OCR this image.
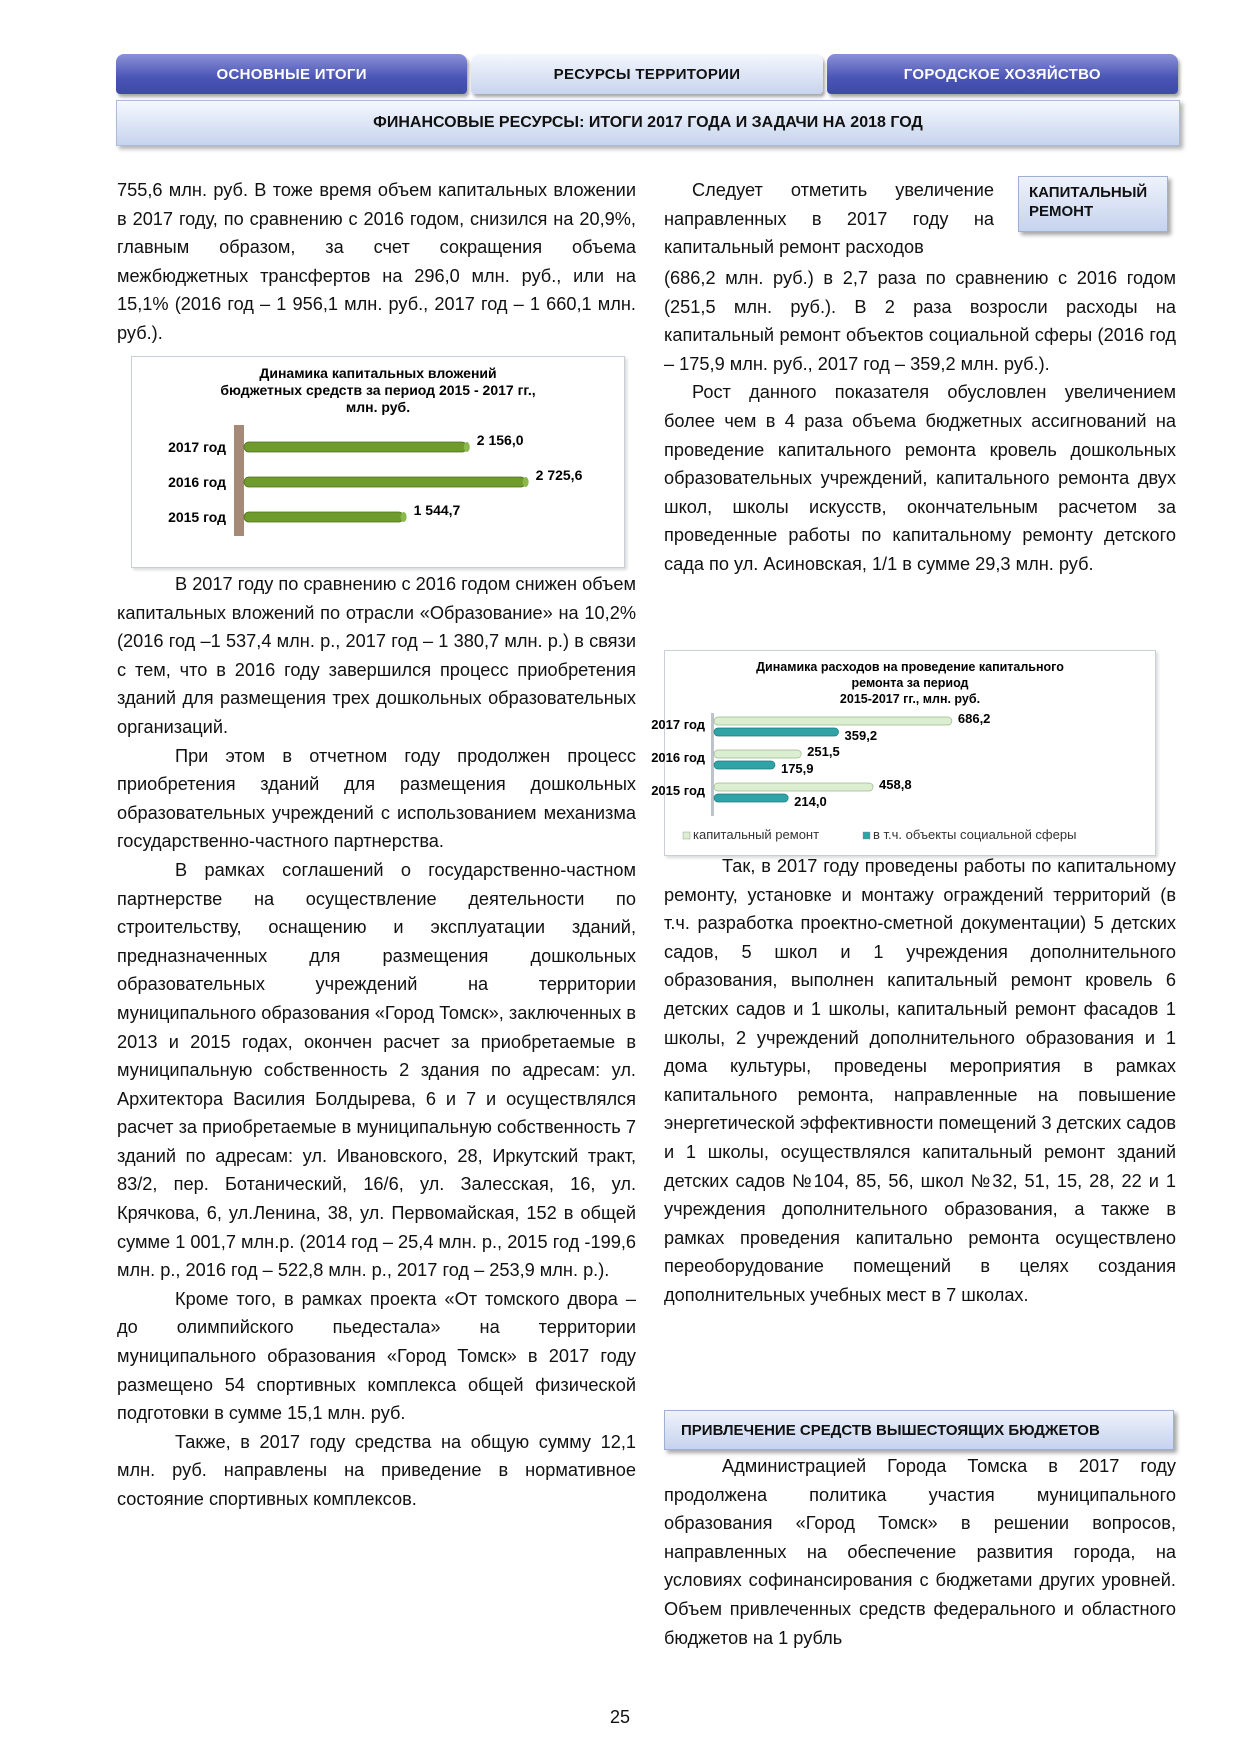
ОСНОВНЫЕ ИТОГИ	РЕСУРСЫ ТЕРРИТОРИИ	ГОРОДСКОЕ ХОЗЯЙСТВО
ФИНАНСОВЫЕ РЕСУРСЫ: ИТОГИ 2017 ГОДА И ЗАДАЧИ НА 2018 ГОД

755,6 млн. руб. В тоже время объем капитальных вложении в 2017 году, по сравнению с 2016 годом, снизился на 20,9%, главным образом, за счет сокращения объема межбюджетных трансфертов на 296,0 млн. руб., или на 15,1% (2016 год – 1 956,1 млн. руб., 2017 год – 1 660,1 млн. руб.).

Динамика капитальных вложений
бюджетных средств за период 2015 - 2017 гг.,
млн. руб.
2017 год	2 156,0
2016 год	2 725,6
2015 год	1 544,7

В 2017 году по сравнению с 2016 годом снижен объем капитальных вложений по отрасли «Образование» на 10,2% (2016 год –1 537,4 млн. р., 2017 год – 1 380,7 млн. р.) в связи с тем, что в 2016 году завершился процесс приобретения зданий для размещения трех дошкольных образовательных организаций.

При этом в отчетном году продолжен процесс приобретения зданий для размещения дошкольных образовательных учреждений с использованием механизма государственно-частного партнерства.

В рамках соглашений о государственно-частном партнерстве на осуществление деятельности по строительству, оснащению и эксплуатации зданий, предназначенных для размещения дошкольных образовательных учреждений на территории муниципального образования «Город Томск», заключенных в 2013 и 2015 годах, окончен расчет за приобретаемые в муниципальную собственность 2 здания по адресам: ул. Архитектора Василия Болдырева, 6 и 7 и осуществлялся расчет за приобретаемые в муниципальную собственность 7 зданий по адресам: ул. Ивановского, 28, Иркутский тракт, 83/2, пер. Ботанический, 16/6, ул. Залесская, 16, ул. Крячкова, 6, ул.Ленина, 38, ул. Первомайская, 152 в общей сумме 1 001,7 млн.р. (2014 год – 25,4 млн. р., 2015 год -199,6 млн. р., 2016 год – 522,8 млн. р., 2017 год – 253,9 млн. р.).

Кроме того, в рамках проекта «От томского двора – до олимпийского пьедестала» на территории муниципального образования «Город Томск» в 2017 году размещено 54 спортивных комплекса общей физической подготовки в сумме 15,1 млн. руб.

Также, в 2017 году средства на общую сумму 12,1 млн. руб. направлены на приведение в нормативное состояние спортивных комплексов.

Следует отметить увеличение направленных в 2017 году на капитальный ремонт расходов
КАПИТАЛЬНЫЙ РЕМОНТ

(686,2 млн. руб.) в 2,7 раза по сравнению с 2016 годом (251,5 млн. руб.). В 2 раза возросли расходы на капитальный ремонт объектов социальной сферы (2016 год – 175,9 млн. руб., 2017 год – 359,2 млн. руб.).

Рост данного показателя обусловлен увеличением более чем в 4 раза объема бюджетных ассигнований на проведение капитального ремонта кровель дошкольных образовательных учреждений, капитального ремонта двух школ, школы искусств, окончательным расчетом за проведенные работы по капитальному ремонту детского сада по ул. Асиновская, 1/1 в сумме 29,3 млн. руб.

Динамика расходов на проведение капитального
ремонта за период
2015-2017 гг., млн. руб.
2017 год	686,2
359,2
2016 год	251,5
175,9
2015 год	458,8
214,0
капитальный ремонт	в т.ч. объекты социальной сферы

Так, в 2017 году проведены работы по капитальному ремонту, установке и монтажу ограждений территорий (в т.ч. разработка проектно-сметной документации) 5 детских садов, 5 школ и 1 учреждения дополнительного образования, выполнен капитальный ремонт кровель 6 детских садов и 1 школы, капитальный ремонт фасадов 1 школы, 2 учреждений дополнительного образования и 1 дома культуры, проведены мероприятия в рамках капитального ремонта, направленные на повышение энергетической эффективности помещений 3 детских садов и 1 школы, осуществлялся капитальный ремонт зданий детских садов №104, 85, 56, школ №32, 51, 15, 28, 22 и 1 учреждения дополнительного образования, а также в рамках проведения капитально ремонта осуществлено переоборудование помещений в целях создания дополнительных учебных мест в 7 школах.

ПРИВЛЕЧЕНИЕ СРЕДСТВ ВЫШЕСТОЯЩИХ БЮДЖЕТОВ

Администрацией Города Томска в 2017 году продолжена политика участия муниципального образования «Город Томск» в решении вопросов, направленных на обеспечение развития города, на условиях софинансирования с бюджетами других уровней. Объем привлеченных средств федерального и областного бюджетов на 1 рубль

25
